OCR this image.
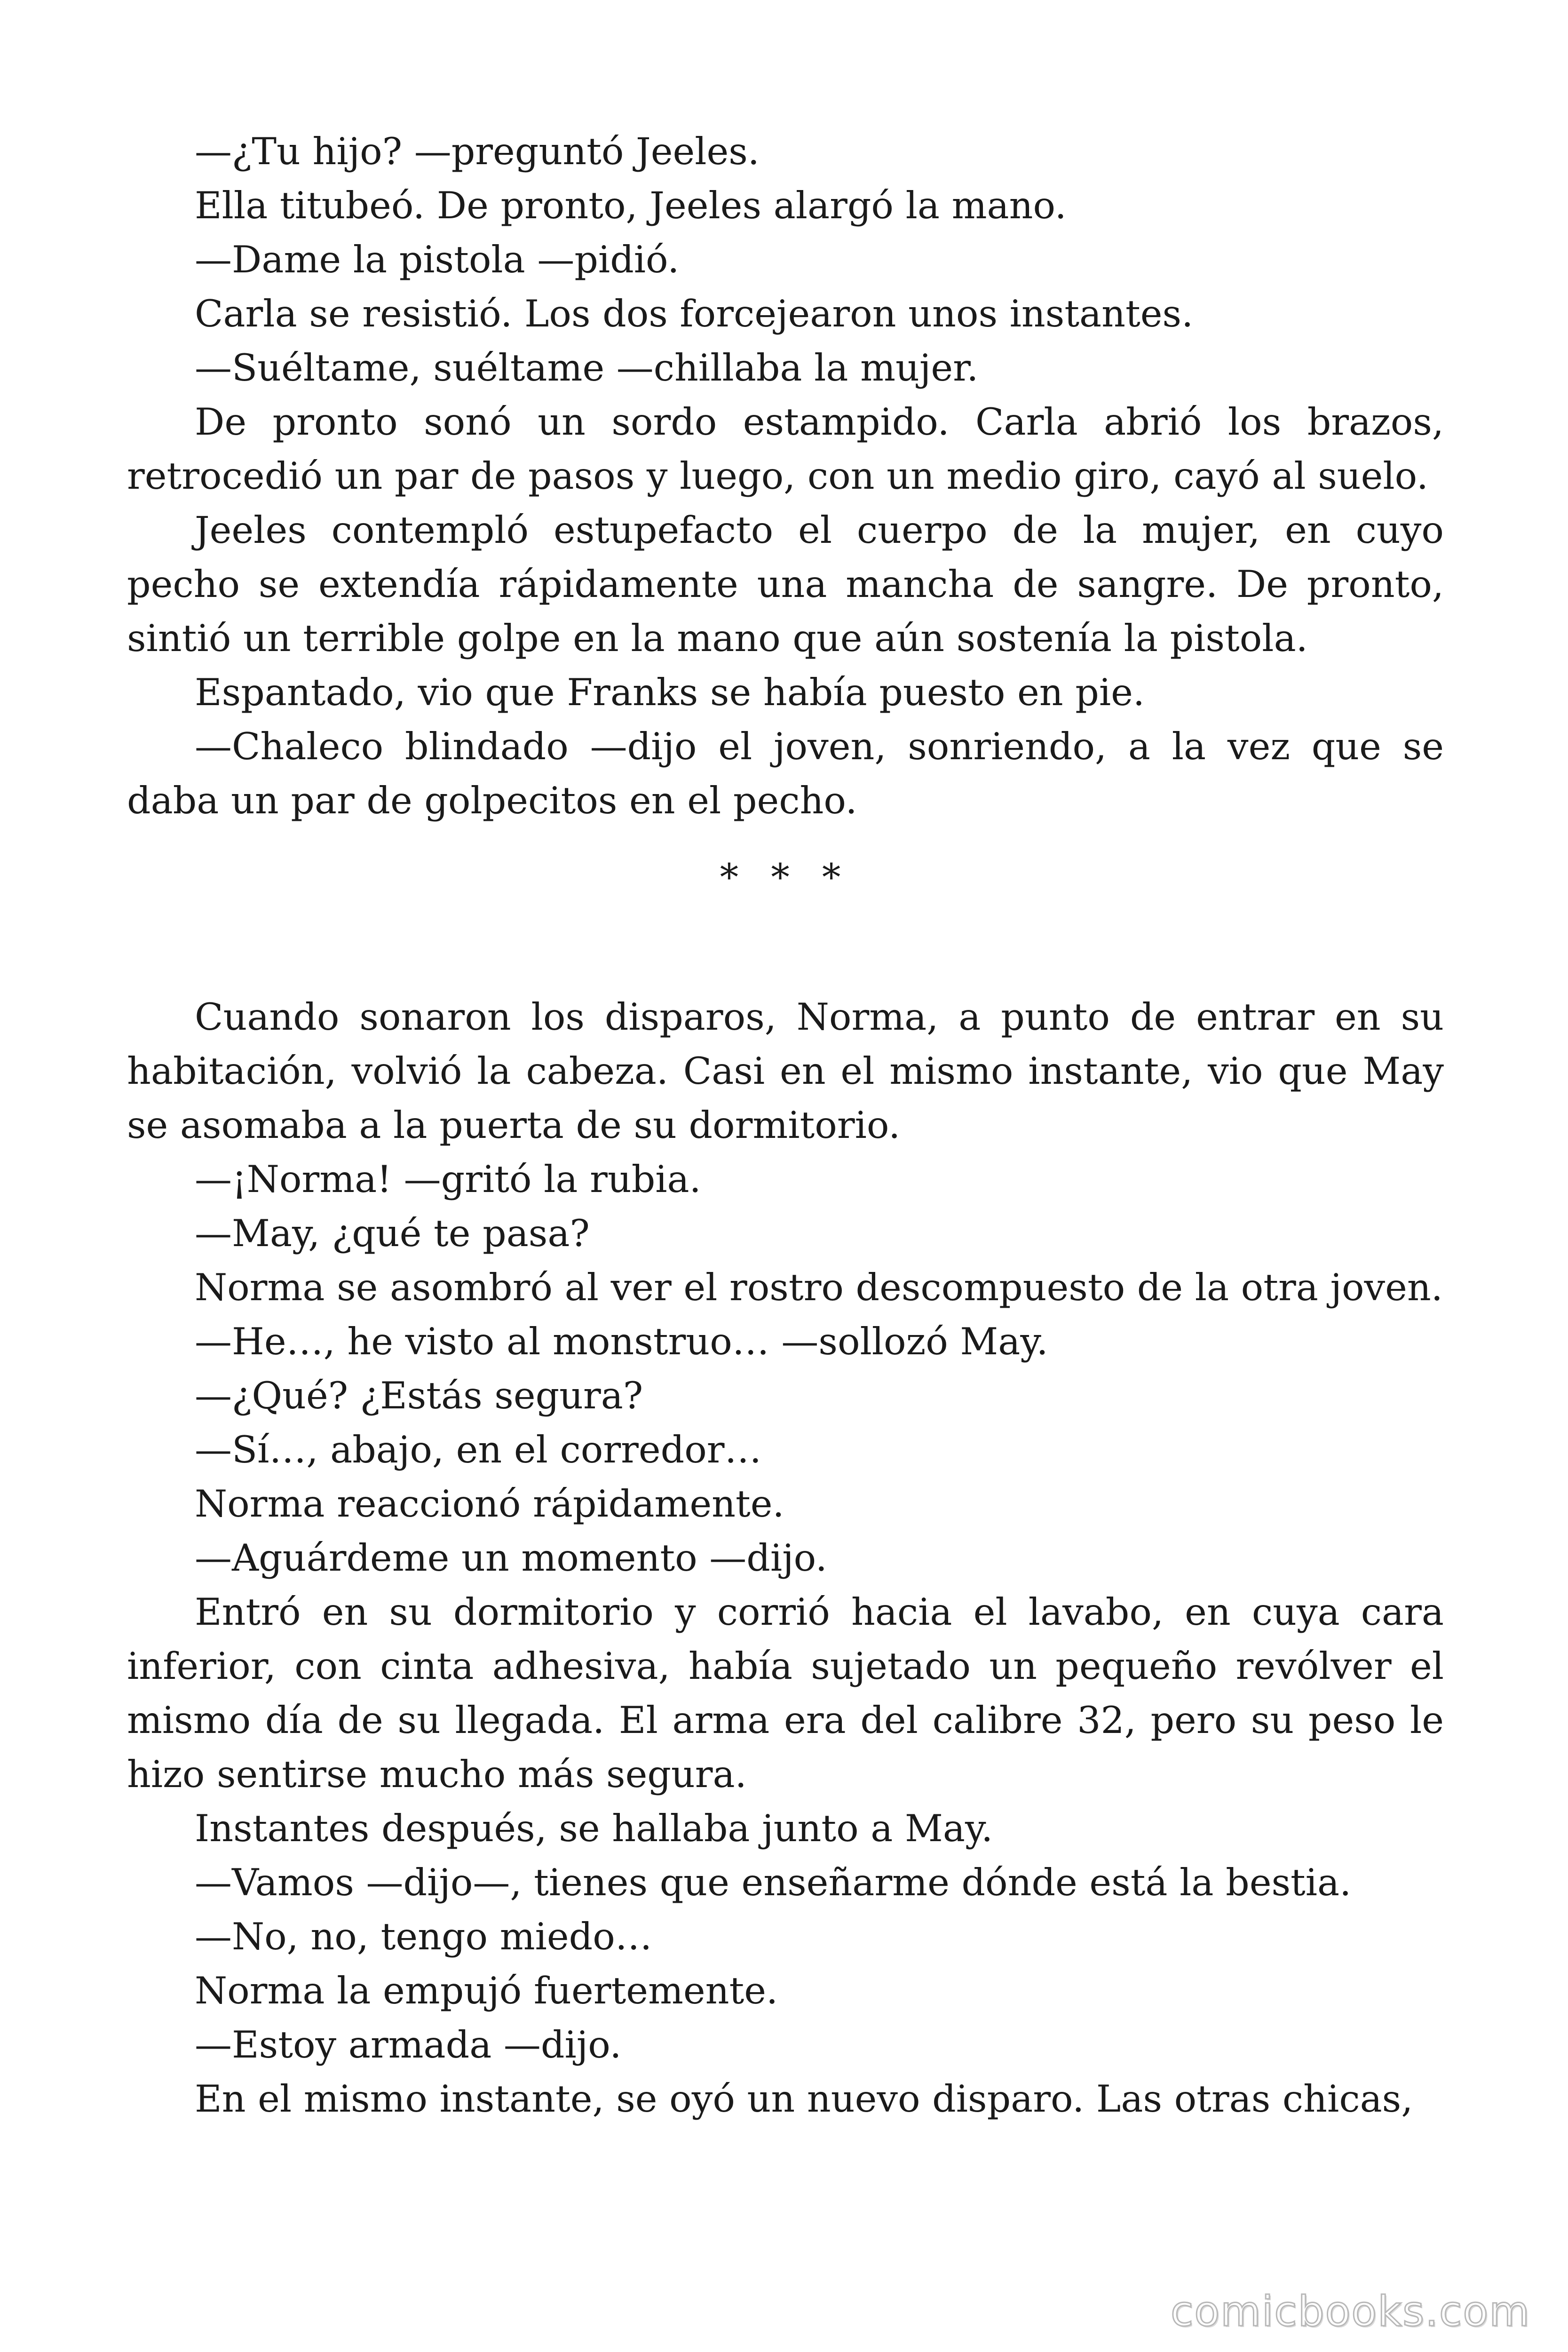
—¿Tu hijo? —preguntó Jeeles.

Ella titubeó. De pronto, Jeeles alargó la mano.

—Dame la pistola —pidió.

Carla se resistió. Los dos forcejearon unos instantes.

—Suéltame, suéltame —chillaba la mujer.

De pronto sonó un sordo estampido. Carla abrió los brazos, retrocedió un par de pasos y luego, con un medio giro, cayó al suelo.

Jeeles contempló estupefacto el cuerpo de la mujer, en cuyo pecho se extendía rápidamente una mancha de sangre. De pronto, sintió un terrible golpe en la mano que aún sostenía la pistola.

Espantado, vio que Franks se había puesto en pie.

—Chaleco blindado —dijo el joven, sonriendo, a la vez que se daba un par de golpecitos en el pecho.

* * *

Cuando sonaron los disparos, Norma, a punto de entrar en su habitación, volvió la cabeza. Casi en el mismo instante, vio que May se asomaba a la puerta de su dormitorio.

—¡Norma! —gritó la rubia.

—May, ¿qué te pasa?

Norma se asombró al ver el rostro descompuesto de la otra joven.

—He…, he visto al monstruo… —sollozó May.

—¿Qué? ¿Estás segura?

—Sí…, abajo, en el corredor…

Norma reaccionó rápidamente.

—Aguárdeme un momento —dijo.

Entró en su dormitorio y corrió hacia el lavabo, en cuya cara inferior, con cinta adhesiva, había sujetado un pequeño revólver el mismo día de su llegada. El arma era del calibre 32, pero su peso le hizo sentirse mucho más segura.

Instantes después, se hallaba junto a May.

—Vamos —dijo—, tienes que enseñarme dónde está la bestia.

—No, no, tengo miedo…

Norma la empujó fuertemente.

—Estoy armada —dijo.

En el mismo instante, se oyó un nuevo disparo. Las otras chicas,

comicbooks.com
